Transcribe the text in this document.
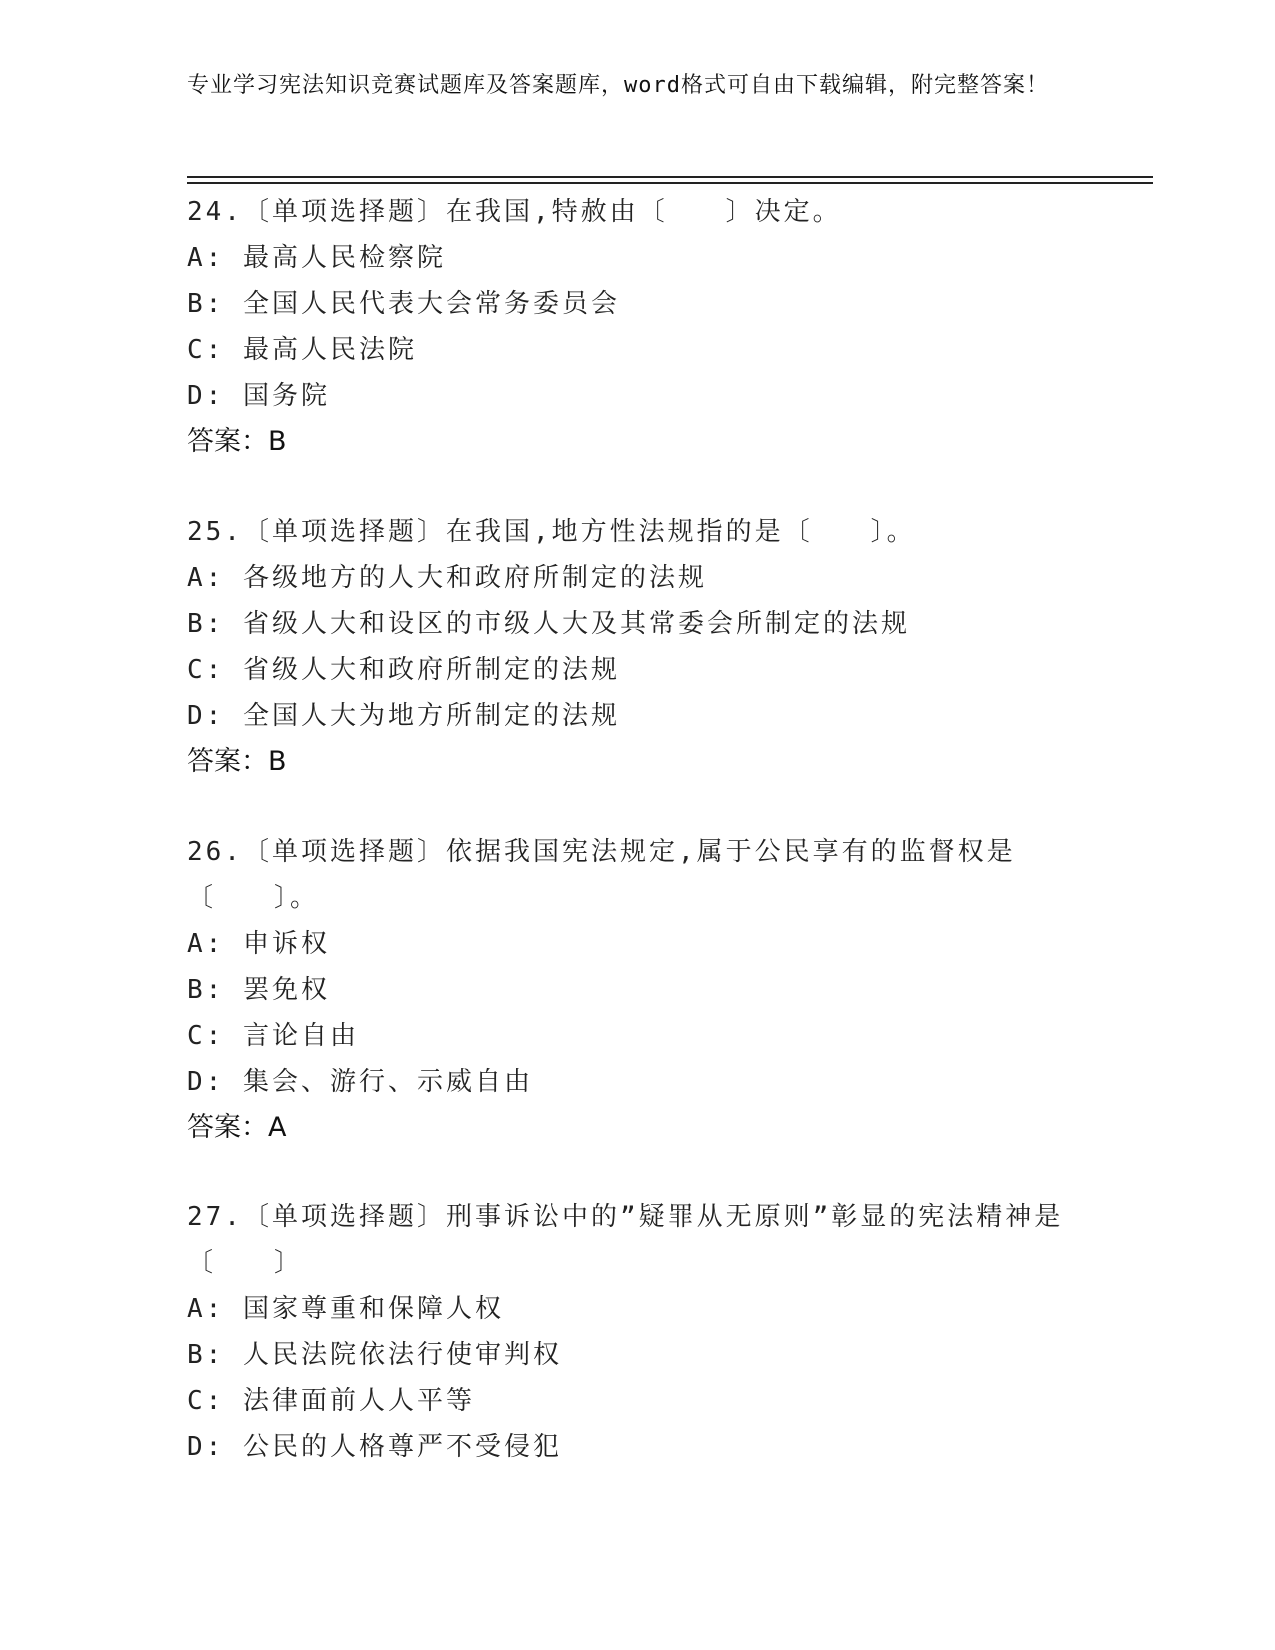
专业学习宪法知识竞赛试题库及答案题库，word格式可自由下载编辑，附完整答案！

24.〔单项选择题〕在我国,特赦由〔　　〕决定。

A: 最高人民检察院

B: 全国人民代表大会常务委员会

C: 最高人民法院

D: 国务院

答案：B

25.〔单项选择题〕在我国,地方性法规指的是〔　　〕。

A: 各级地方的人大和政府所制定的法规

B: 省级人大和设区的市级人大及其常委会所制定的法规

C: 省级人大和政府所制定的法规

D: 全国人大为地方所制定的法规

答案：B

26.〔单项选择题〕依据我国宪法规定,属于公民享有的监督权是〔　　〕。

A: 申诉权

B: 罢免权

C: 言论自由

D: 集会、游行、示威自由

答案：A

27.〔单项选择题〕刑事诉讼中的”疑罪从无原则”彰显的宪法精神是〔　　〕

A: 国家尊重和保障人权

B: 人民法院依法行使审判权

C: 法律面前人人平等

D: 公民的人格尊严不受侵犯
